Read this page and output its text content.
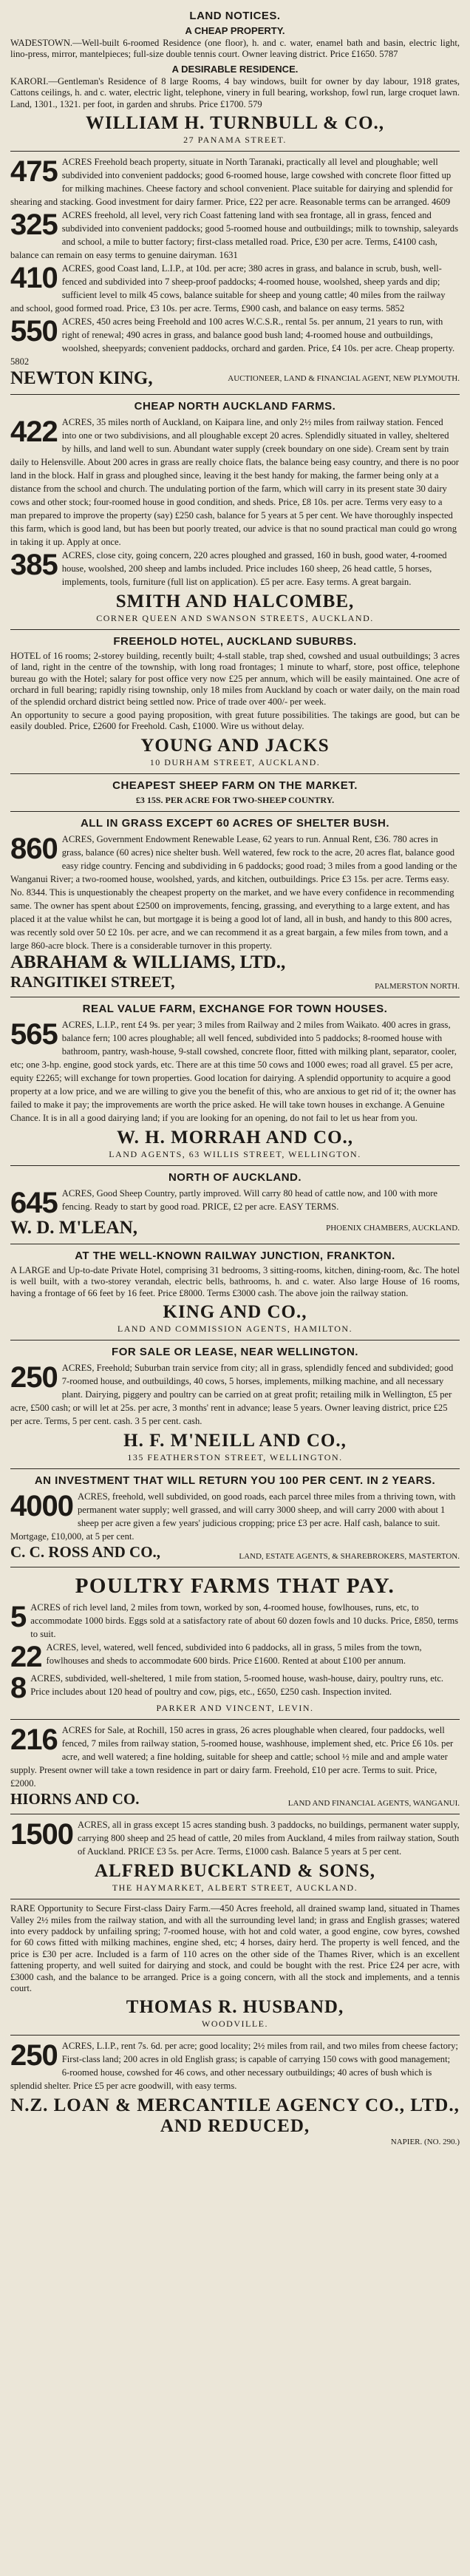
LAND NOTICES.
A CHEAP PROPERTY.

WADESTOWN.—Well-built 6-roomed Residence (one floor), h. and c. water, enamel bath and basin, electric light, lino-press, mirror, mantelpieces; full-size double tennis court. Owner leaving district. Price £1650. 5787

A DESIRABLE RESIDENCE.

KARORI.—Gentleman's Residence of 8 large Rooms, 4 bay windows, built for owner by day labour, 1918 grates, Cattons ceilings, h. and c. water, electric light, telephone, vinery in full bearing, workshop, fowl run, large croquet lawn. Land, 1301., 1321. per foot, in garden and shrubs. Price £1700. 579

WILLIAM H. TURNBULL & CO.,
27 PANAMA STREET.
475 ACRES Freehold beach property, situate in North Taranaki, practically all level and ploughable; well subdivided into convenient paddocks; good 6-roomed house, large cowshed with concrete floor fitted up for milking machines. Cheese factory and school convenient. Place suitable for dairying and splendid for shearing and stacking. Good investment for dairy farmer. Price, £22 per acre. Reasonable terms can be arranged. 4609
325 ACRES freehold, all level, very rich Coast fattening land with sea frontage, all in grass, fenced and subdivided into convenient paddocks; good 5-roomed house and outbuildings; milk to township, saleyards and school, a mile to butter factory; first-class metalled road. Price, £30 per acre. Terms, £4100 cash, balance can remain on easy terms to genuine dairyman. 1631
410 ACRES, good Coast land, L.I.P., at 10d. per acre; 380 acres in grass, and balance in scrub, bush, well-fenced and subdivided into 7 sheep-proof paddocks; 4-roomed house, woolshed, sheep yards and dip; sufficient level to milk 45 cows, balance suitable for sheep and young cattle; 40 miles from the railway and school, good formed road. Price, £3 10s. per acre. Terms, £900 cash, and balance on easy terms. 5852
550 ACRES, 450 acres being Freehold and 100 acres W.C.S.R., rental 5s. per annum, 21 years to run, with right of renewal; 490 acres in grass, and balance good bush land; 4-roomed house and outbuildings, woolshed, sheepyards; convenient paddocks, orchard and garden. Price, £4 10s. per acre. Cheap property. 5802
NEWTON KING,	AUCTIONEER, LAND & FINANCIAL AGENT, NEW PLYMOUTH.
CHEAP NORTH AUCKLAND FARMS.
422 ACRES, 35 miles north of Auckland, on Kaipara line, and only 2½ miles from railway station. Fenced into one or two subdivisions, and all ploughable except 20 acres. Splendidly situated in valley, sheltered by hills, and land well to sun. Abundant water supply (creek boundary on one side). Cream sent by train daily to Helensville. About 200 acres in grass are really choice flats, the balance being easy country, and there is no poor land in the block. Half in grass and ploughed since, leaving it the best handy for making, the farmer being only at a distance from the school and church. The undulating portion of the farm, which will carry in its present state 30 dairy cows and other stock; four-roomed house in good condition, and sheds. Price, £8 10s. per acre. Terms very easy to a man prepared to improve the property (say) £250 cash, balance for 5 years at 5 per cent. We have thoroughly inspected this farm, which is good land, but has been but poorly treated, our advice is that no sound practical man could go wrong in taking it up. Apply at once.
385 ACRES, close city, going concern, 220 acres ploughed and grassed, 160 in bush, good water, 4-roomed house, woolshed, 200 sheep and lambs included. Price includes 160 sheep, 26 head cattle, 5 horses, implements, tools, furniture (full list on application). £5 per acre. Easy terms. A great bargain.
SMITH AND HALCOMBE,
CORNER QUEEN AND SWANSON STREETS, AUCKLAND.
FREEHOLD HOTEL, AUCKLAND SUBURBS.

HOTEL of 16 rooms; 2-storey building, recently built; 4-stall stable, trap shed, cowshed and usual outbuildings; 3 acres of land, right in the centre of the township, with long road frontages; 1 minute to wharf, store, post office, telephone bureau go with the Hotel; salary for post office very now £25 per annum, which will be easily maintained. One acre of orchard in full bearing; rapidly rising township, only 18 miles from Auckland by coach or water daily, on the main road of the splendid orchard district being settled now. Price of trade over 400/- per week.

An opportunity to secure a good paying proposition, with great future possibilities. The takings are good, but can be easily doubled. Price, £2600 for Freehold. Cash, £1000. Wire us without delay.

YOUNG AND JACKS
10 DURHAM STREET, AUCKLAND.
CHEAPEST SHEEP FARM ON THE MARKET.
£3 15S. PER ACRE FOR TWO-SHEEP COUNTRY.
ALL IN GRASS EXCEPT 60 ACRES OF SHELTER BUSH.
860 ACRES, Government Endowment Renewable Lease, 62 years to run. Annual Rent, £36. 780 acres in grass, balance (60 acres) nice shelter bush. Well watered, few rock to the acre, 20 acres flat, balance good easy ridge country. Fencing and subdividing in 6 paddocks; good road; 3 miles from a good landing or the Wanganui River; a two-roomed house, woolshed, yards, and kitchen, outbuildings. Price £3 15s. per acre. Terms easy. No. 8344. This is unquestionably the cheapest property on the market, and we have every confidence in recommending same. The owner has spent about £2500 on improvements, fencing, grassing, and everything to a large extent, and has placed it at the value whilst he can, but mortgage it is being a good lot of land, all in bush, and handy to this 800 acres, was recently sold over 50 £2 10s. per acre, and we can recommend it as a great bargain, a few miles from town, and a large 860-acre block. There is a considerable turnover in this property.
ABRAHAM & WILLIAMS, LTD.,
RANGITIKEI STREET,	PALMERSTON NORTH.
REAL VALUE FARM, EXCHANGE FOR TOWN HOUSES.
565 ACRES, L.I.P., rent £4 9s. per year; 3 miles from Railway and 2 miles from Waikato. 400 acres in grass, balance fern; 100 acres ploughable; all well fenced, subdivided into 5 paddocks; 8-roomed house with bathroom, pantry, wash-house, 9-stall cowshed, concrete floor, fitted with milking plant, separator, cooler, etc; one 3-hp. engine, good stock yards, etc. There are at this time 50 cows and 1000 ewes; road all gravel. £5 per acre, equity £2265; will exchange for town properties. Good location for dairying. A splendid opportunity to acquire a good property at a low price, and we are willing to give you the benefit of this, who are anxious to get rid of it; the owner has failed to make it pay; the improvements are worth the price asked. He will take town houses in exchange. A Genuine Chance. It is in all a good dairying land; if you are looking for an opening, do not fail to let us hear from you.
W. H. MORRAH AND CO.,
LAND AGENTS, 63 WILLIS STREET, WELLINGTON.
NORTH OF AUCKLAND.
645 ACRES, Good Sheep Country, partly improved. Will carry 80 head of cattle now, and 100 with more fencing. Ready to start by good road. PRICE, £2 per acre. EASY TERMS.
W. D. M'LEAN,	PHOENIX CHAMBERS, AUCKLAND.
AT THE WELL-KNOWN RAILWAY JUNCTION, FRANKTON.

A LARGE and Up-to-date Private Hotel, comprising 31 bedrooms, 3 sitting-rooms, kitchen, dining-room, &c. The hotel is well built, with a two-storey verandah, electric bells, bathrooms, h. and c. water. Also large House of 16 rooms, having a frontage of 66 feet by 16 feet. Price £8000. Terms £3000 cash. The above join the railway station.

KING AND CO.,
LAND AND COMMISSION AGENTS, HAMILTON.
FOR SALE OR LEASE, NEAR WELLINGTON.
250 ACRES, Freehold; Suburban train service from city; all in grass, splendidly fenced and subdivided; good 7-roomed house, and outbuildings, 40 cows, 5 horses, implements, milking machine, and all necessary plant. Dairying, piggery and poultry can be carried on at great profit; retailing milk in Wellington, £5 per acre, £500 cash; or will let at 25s. per acre, 3 months' rent in advance; lease 5 years. Owner leaving district, price £25 per acre. Terms, 5 per cent. cash. 3 5 per cent. cash.
H. F. M'NEILL AND CO.,
135 FEATHERSTON STREET, WELLINGTON.
AN INVESTMENT THAT WILL RETURN YOU 100 PER CENT. IN 2 YEARS.
4000 ACRES, freehold, well subdivided, on good roads, each parcel three miles from a thriving town, with permanent water supply; well grassed, and will carry 3000 sheep, and will carry 2000 with about 1 sheep per acre given a few years' judicious cropping; price £3 per acre. Half cash, balance to suit. Mortgage, £10,000, at 5 per cent.
C. C. ROSS AND CO.,	LAND, ESTATE AGENTS, & SHAREBROKERS, MASTERTON.
POULTRY FARMS THAT PAY.
5 ACRES of rich level land, 2 miles from town, worked by son, 4-roomed house, fowlhouses, runs, etc, to accommodate 1000 birds. Eggs sold at a satisfactory rate of about 60 dozen fowls and 10 ducks. Price, £850, terms to suit.
22 ACRES, level, watered, well fenced, subdivided into 6 paddocks, all in grass, 5 miles from the town, fowlhouses and sheds to accommodate 600 birds. Price £1600. Rented at about £100 per annum.
8 ACRES, subdivided, well-sheltered, 1 mile from station, 5-roomed house, wash-house, dairy, poultry runs, etc. Price includes about 120 head of poultry and cow, pigs, etc., £650, £250 cash. Inspection invited.
PARKER AND VINCENT, LEVIN.
216 ACRES for Sale, at Rochill, 150 acres in grass, 26 acres ploughable when cleared, four paddocks, well fenced, 7 miles from railway station, 5-roomed house, washhouse, implement shed, etc. Price £6 10s. per acre, and well watered; a fine holding, suitable for sheep and cattle; school ½ mile and and ample water supply. Present owner will take a town residence in part or dairy farm. Freehold, £10 per acre. Terms to suit. Price, £2000.
HIORNS AND CO.	LAND AND FINANCIAL AGENTS, WANGANUI.
1500 ACRES, all in grass except 15 acres standing bush. 3 paddocks, no buildings, permanent water supply, carrying 800 sheep and 25 head of cattle, 20 miles from Auckland, 4 miles from railway station, South of Auckland. PRICE £3 5s. per Acre. Terms, £1000 cash. Balance 5 years at 5 per cent.
ALFRED BUCKLAND & SONS,
THE HAYMARKET, ALBERT STREET, AUCKLAND.

RARE Opportunity to Secure First-class Dairy Farm.—450 Acres freehold, all drained swamp land, situated in Thames Valley 2½ miles from the railway station, and with all the surrounding level land; in grass and English grasses; watered into every paddock by unfailing spring; 7-roomed house, with hot and cold water, a good engine, cow byres, cowshed for 60 cows fitted with milking machines, engine shed, etc; 4 horses, dairy herd. The property is well fenced, and the price is £30 per acre. Included is a farm of 110 acres on the other side of the Thames River, which is an excellent fattening property, and well suited for dairying and stock, and could be bought with the rest. Price £24 per acre, with £3000 cash, and the balance to be arranged. Price is a going concern, with all the stock and implements, and a tennis court.

THOMAS R. HUSBAND,
WOODVILLE.
250 ACRES, L.I.P., rent 7s. 6d. per acre; good locality; 2½ miles from rail, and two miles from cheese factory; First-class land; 200 acres in old English grass; is capable of carrying 150 cows with good management; 6-roomed house, cowshed for 46 cows, and other necessary outbuildings; 40 acres of bush which is splendid shelter. Price £5 per acre goodwill, with easy terms.
N.Z. LOAN & MERCANTILE AGENCY CO., LTD., AND REDUCED,
NAPIER. (NO. 290.)
